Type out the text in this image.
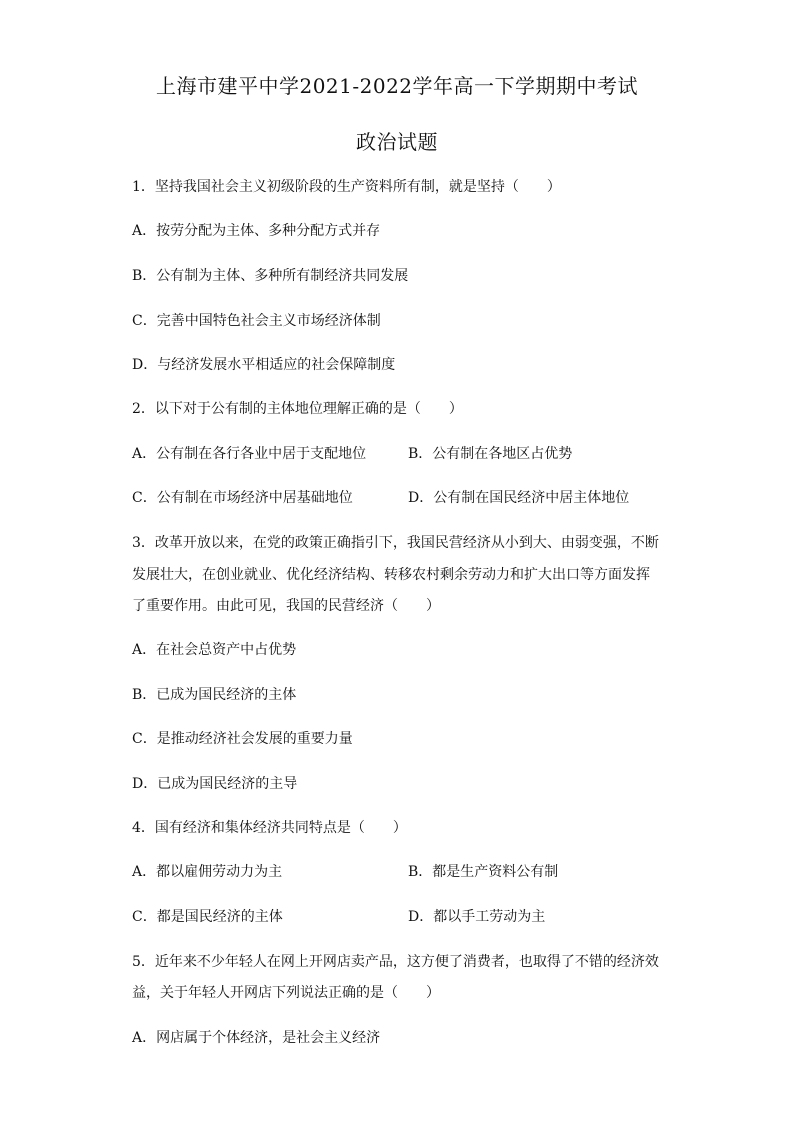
上海市建平中学2021-2022学年高一下学期期中考试
政治试题
1．坚持我国社会主义初级阶段的生产资料所有制，就是坚持（　　）
A．按劳分配为主体、多种分配方式并存
B．公有制为主体、多种所有制经济共同发展
C．完善中国特色社会主义市场经济体制
D．与经济发展水平相适应的社会保障制度
2．以下对于公有制的主体地位理解正确的是（　　）
A．公有制在各行各业中居于支配地位	B．公有制在各地区占优势
C．公有制在市场经济中居基础地位	D．公有制在国民经济中居主体地位
3．改革开放以来，在党的政策正确指引下，我国民营经济从小到大、由弱变强，不断
发展壮大，在创业就业、优化经济结构、转移农村剩余劳动力和扩大出口等方面发挥
了重要作用。由此可见，我国的民营经济（　　）
A．在社会总资产中占优势
B．已成为国民经济的主体
C．是推动经济社会发展的重要力量
D．已成为国民经济的主导
4．国有经济和集体经济共同特点是（　　）
A．都以雇佣劳动力为主	B．都是生产资料公有制
C．都是国民经济的主体	D．都以手工劳动为主
5．近年来不少年轻人在网上开网店卖产品，这方便了消费者，也取得了不错的经济效
益，关于年轻人开网店下列说法正确的是（　　）
A．网店属于个体经济，是社会主义经济
